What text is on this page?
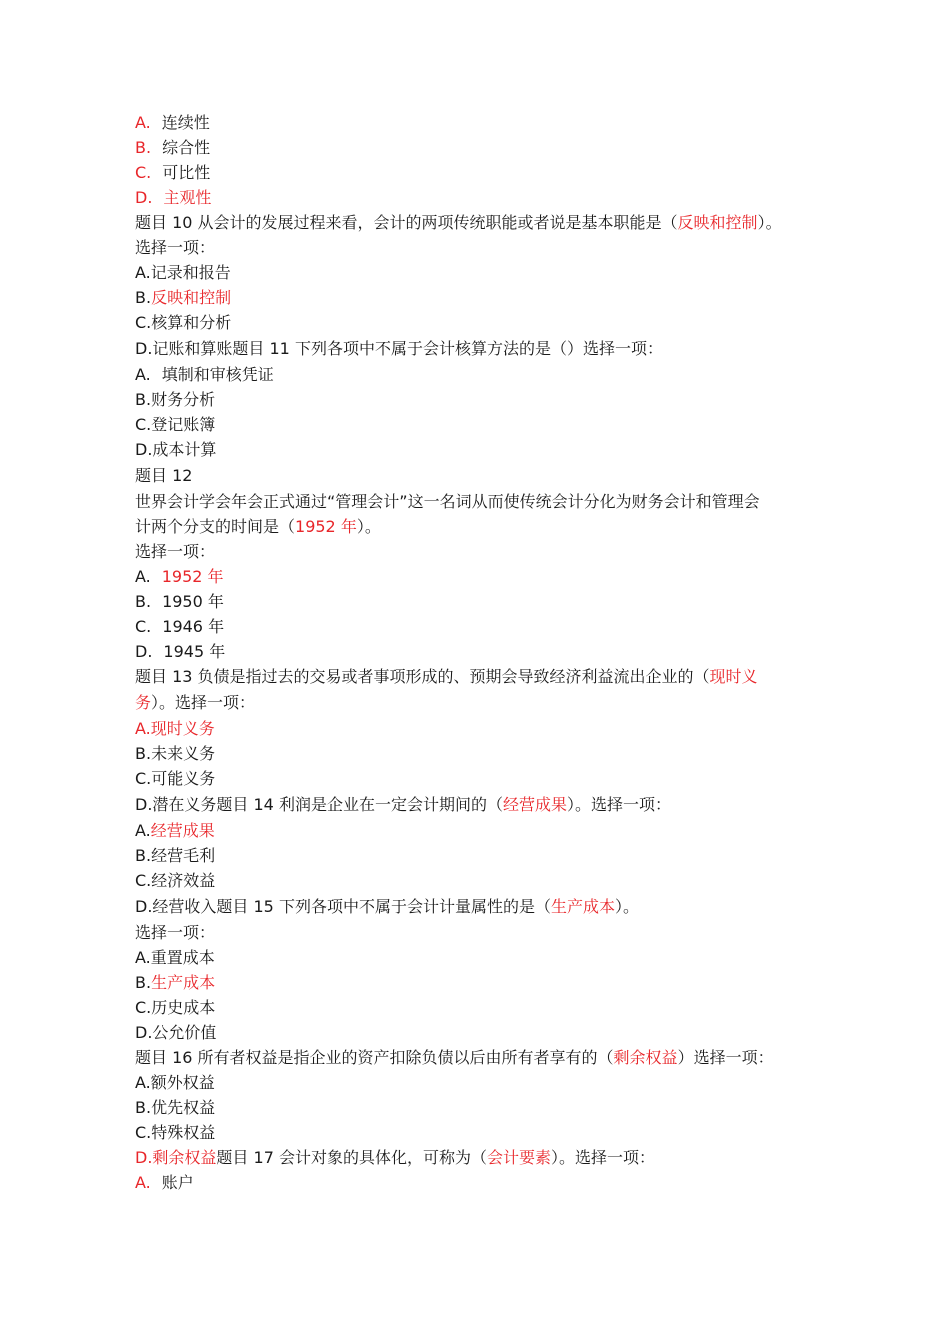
A. 连续性
B. 综合性
C. 可比性
D. 主观性
题目 10 从会计的发展过程来看，会计的两项传统职能或者说是基本职能是（反映和控制）。
选择一项：
A.记录和报告
B.反映和控制
C.核算和分析
D.记账和算账题目 11 下列各项中不属于会计核算方法的是（）选择一项：
A. 填制和审核凭证
B.财务分析
C.登记账簿
D.成本计算
题目 12
世界会计学会年会正式通过“管理会计”这一名词从而使传统会计分化为财务会计和管理会
计两个分支的时间是（1952 年）。
选择一项：
A. 1952 年
B. 1950 年
C. 1946 年
D. 1945 年
题目 13 负债是指过去的交易或者事项形成的、预期会导致经济利益流出企业的（现时义
务）。选择一项：
A.现时义务
B.未来义务
C.可能义务
D.潜在义务题目 14 利润是企业在一定会计期间的（经营成果）。选择一项：
A.经营成果
B.经营毛利
C.经济效益
D.经营收入题目 15 下列各项中不属于会计计量属性的是（生产成本）。
选择一项：
A.重置成本
B.生产成本
C.历史成本
D.公允价值
题目 16 所有者权益是指企业的资产扣除负债以后由所有者享有的（剩余权益）选择一项：
A.额外权益
B.优先权益
C.特殊权益
D.剩余权益题目 17 会计对象的具体化，可称为（会计要素）。选择一项：
A. 账户
